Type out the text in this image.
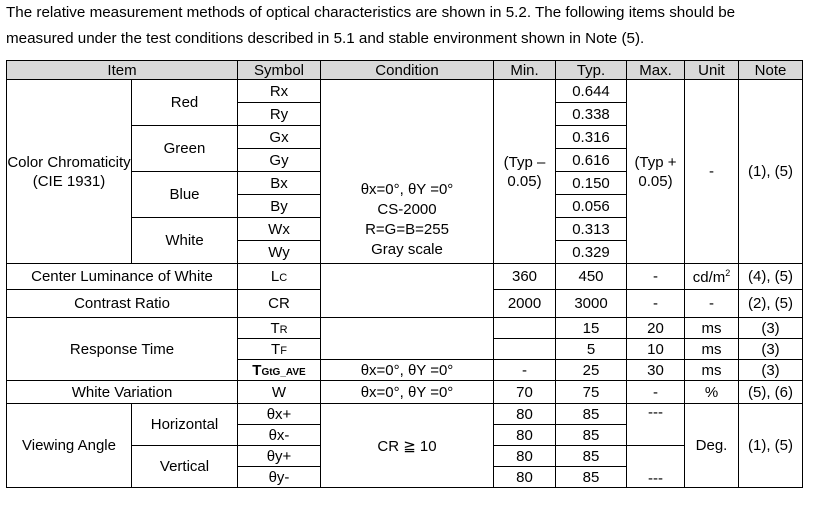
The relative measurement methods of optical characteristics are shown in 5.2. The following items should be

measured under the test conditions described in 5.1 and stable environment shown in Note (5).

Item		Symbol	Condition	Min.	Typ.	Max.	Unit	Note
Color Chromaticity (CIE 1931)	Red	Rx	θx=0°, θY =0°
CS-2000
R=G=B=255
Gray scale	(Typ – 0.05)	0.644	(Typ + 0.05)	-	(1), (5)
		Ry			0.338			
	Green	Gx			0.316			
		Gy			0.616			
	Blue	Bx			0.150			
		By			0.056			
	White	Wx			0.313			
		Wy			0.329			
Center Luminance of White		LC		360	450	-	$cd/m^2$	(4), (5)
Contrast Ratio		CR		2000	3000	-	-	(2), (5)
Response Time		TR			15	20	ms	(3)
		TF			5	10	ms	(3)
		TGtG_AVE	θx=0°, θY =0°	-	25	30	ms	(3)
White Variation		W	θx=0°, θY =0°	70	75	-	%	(5), (6)
Viewing Angle	Horizontal	θx+	CR ≧ 10	80	85	---	Deg.	(1), (5)
		θx-		80	85			
	Vertical	θy+		80	85	---		
		θy-		80	85			
